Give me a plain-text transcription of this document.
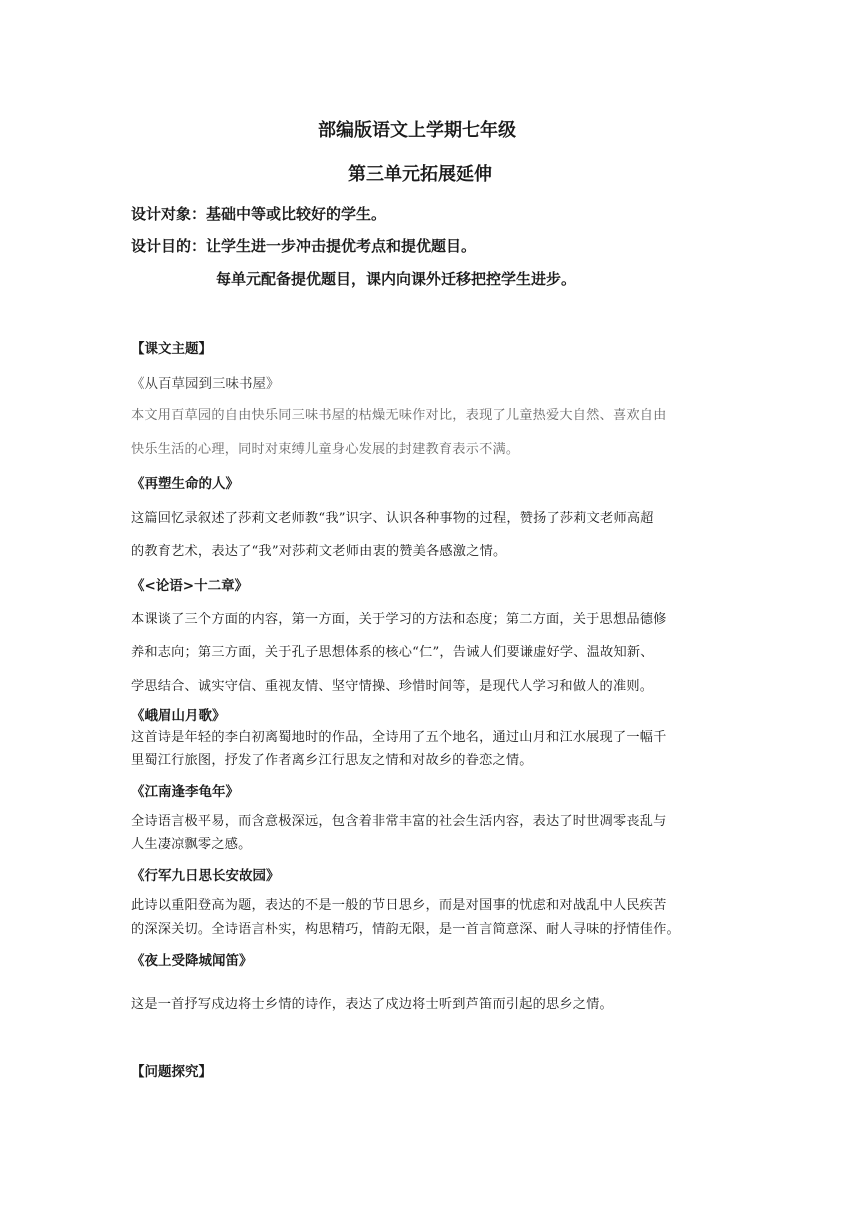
部编版语文上学期七年级
第三单元拓展延伸
设计对象：基础中等或比较好的学生。
设计目的：让学生进一步冲击提优考点和提优题目。
每单元配备提优题目，课内向课外迁移把控学生进步。
【课文主题】
《从百草园到三味书屋》
本文用百草园的自由快乐同三味书屋的枯燥无味作对比，表现了儿童热爱大自然、喜欢自由
快乐生活的心理，同时对束缚儿童身心发展的封建教育表示不满。
《再塑生命的人》
这篇回忆录叙述了莎莉文老师教“我”识字、认识各种事物的过程，赞扬了莎莉文老师高超
的教育艺术，表达了“我”对莎莉文老师由衷的赞美各感激之情。
《<论语>十二章》
本课谈了三个方面的内容，第一方面，关于学习的方法和态度；第二方面，关于思想品德修
养和志向；第三方面，关于孔子思想体系的核心“仁”，告诫人们要谦虚好学、温故知新、
学思结合、诚实守信、重视友情、坚守情操、珍惜时间等，是现代人学习和做人的准则。
《峨眉山月歌》
这首诗是年轻的李白初离蜀地时的作品，全诗用了五个地名，通过山月和江水展现了一幅千
里蜀江行旅图，抒发了作者离乡江行思友之情和对故乡的眷恋之情。
《江南逢李龟年》
全诗语言极平易，而含意极深远，包含着非常丰富的社会生活内容，表达了时世凋零丧乱与
人生凄凉飘零之感。
《行军九日思长安故园》
此诗以重阳登高为题，表达的不是一般的节日思乡，而是对国事的忧虑和对战乱中人民疾苦
的深深关切。全诗语言朴实，构思精巧，情韵无限，是一首言简意深、耐人寻味的抒情佳作。
《夜上受降城闻笛》
这是一首抒写戍边将士乡情的诗作，表达了戍边将士听到芦笛而引起的思乡之情。
【问题探究】
